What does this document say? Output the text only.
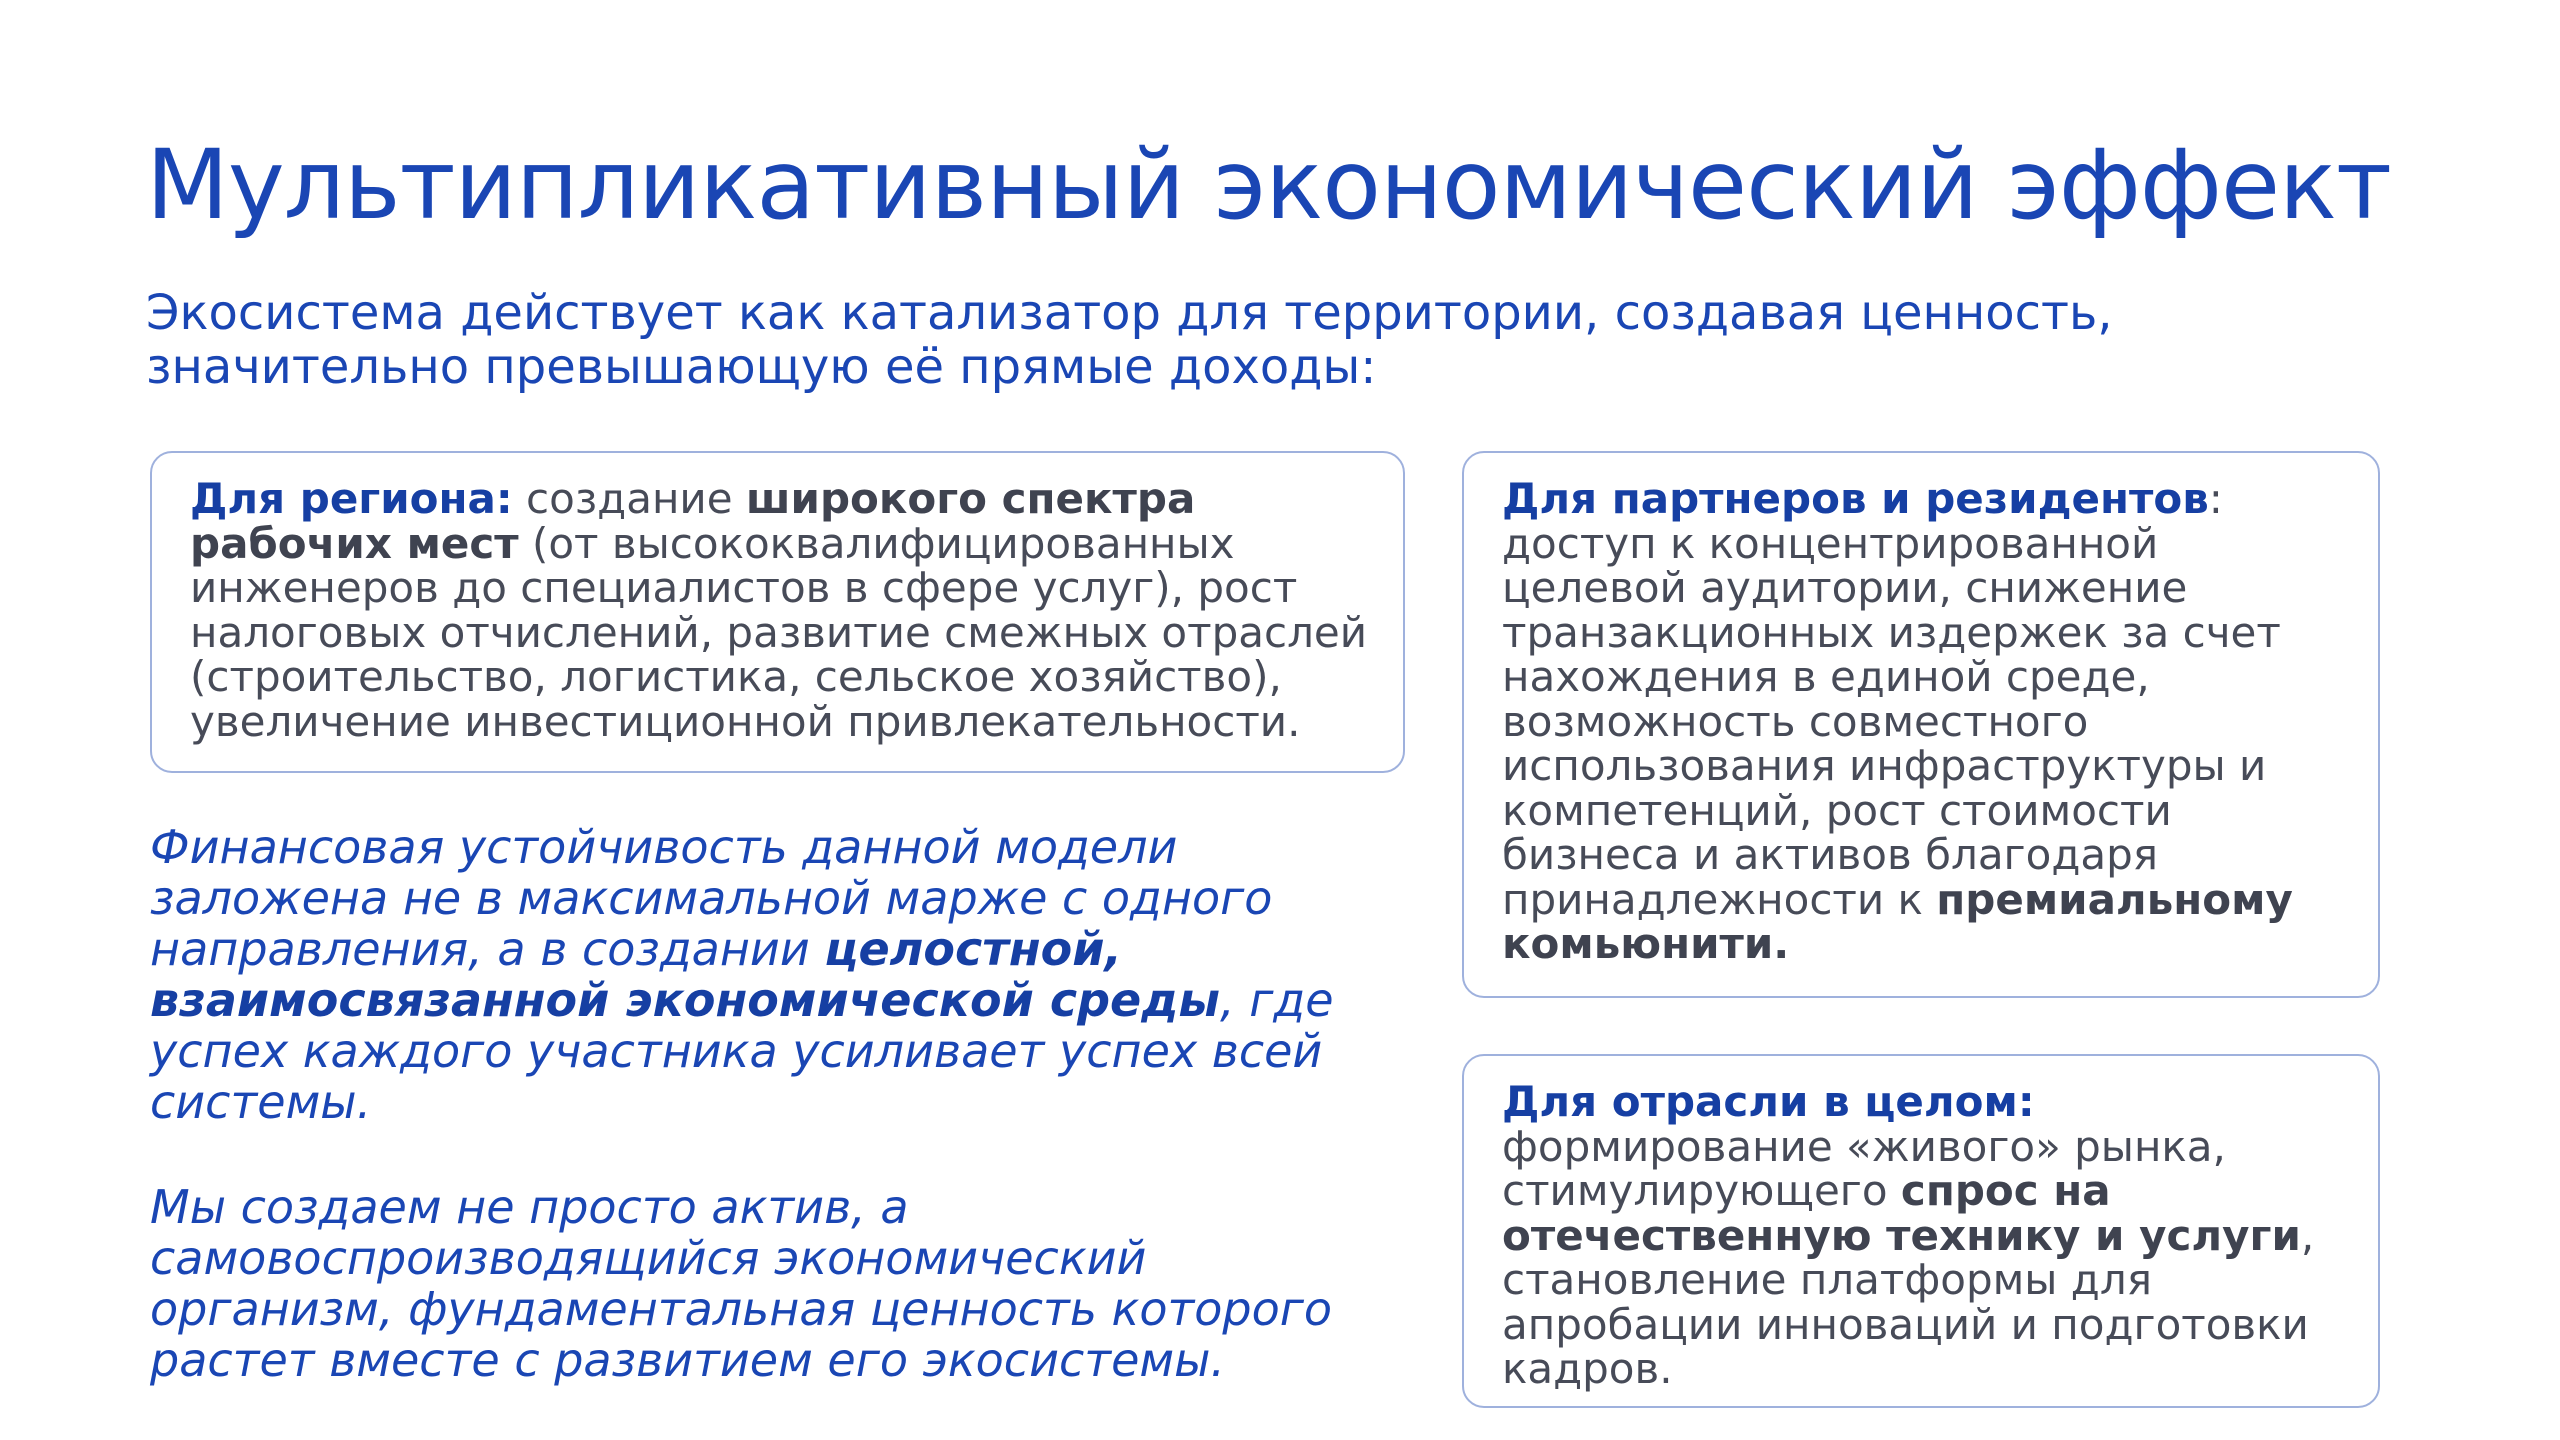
Мультипликативный экономический эффект

Экосистема действует как катализатор для территории, создавая ценность, значительно превышающую её прямые доходы:

Для региона: создание широкого спектра рабочих мест (от высококвалифицированных инженеров до специалистов в сфере услуг), рост налоговых отчислений, развитие смежных отраслей (строительство, логистика, сельское хозяйство), увеличение инвестиционной привлекательности.

Для партнеров и резидентов: доступ к концентрированной целевой аудитории, снижение транзакционных издержек за счет нахождения в единой среде, возможность совместного использования инфраструктуры и компетенций, рост стоимости бизнеса и активов благодаря принадлежности к премиальному комьюнити.

Для отрасли в целом:

формирование «живого» рынка, стимулирующего спрос на отечественную технику и услуги, становление платформы для апробации инноваций и подготовки кадров.

Финансовая устойчивость данной модели заложена не в максимальной марже с одного направления, а в создании целостной, взаимосвязанной экономической среды, где успех каждого участника усиливает успех всей системы.

Мы создаем не просто актив, а самовоспроизводящийся экономический организм, фундаментальная ценность которого растет вместе с развитием его экосистемы.
